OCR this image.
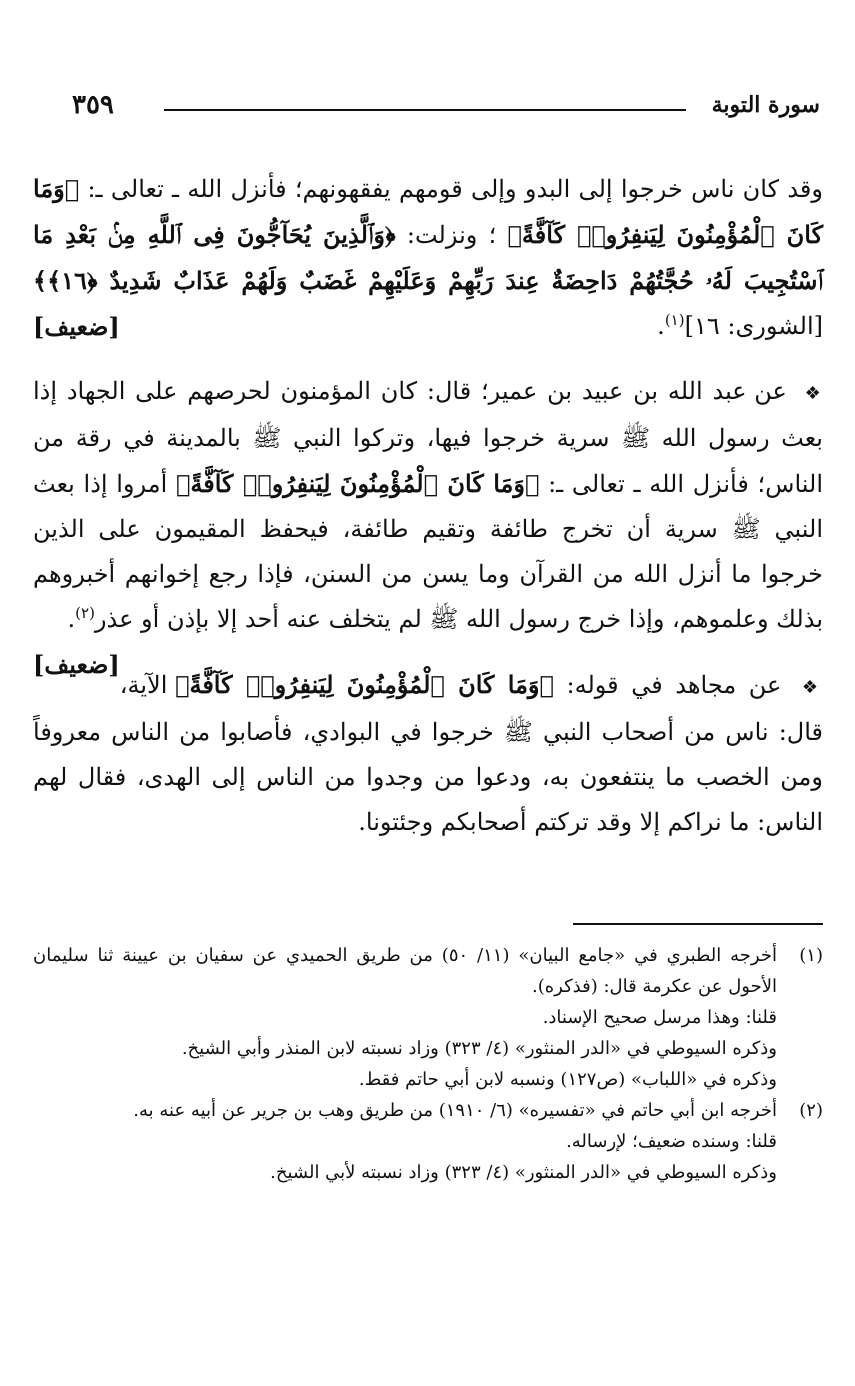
سورة التوبة
٣٥٩

وقد كان ناس خرجوا إلى البدو وإلى قومهم يفقهونهم؛ فأنزل الله ـ تعالى ـ: ﴿وَمَا كَانَ ٱلْمُؤْمِنُونَ لِيَنفِرُوا۟ كَآفَّةً﴾ ؛ ونزلت: ﴿وَٱلَّذِينَ يُحَآجُّونَ فِى ٱللَّهِ مِنۢ بَعْدِ مَا ٱسْتُجِيبَ لَهُۥ حُجَّتُهُمْ دَاحِضَةٌ عِندَ رَبِّهِمْ وَعَلَيْهِمْ غَضَبٌ وَلَهُمْ عَذَابٌ شَدِيدٌ ﴿١٦﴾﴾ [الشورى: ١٦]$^{(١)}$.
[ضعيف]

❖ عن عبد الله بن عبيد بن عمير؛ قال: كان المؤمنون لحرصهم على الجهاد إذا بعث رسول الله ﷺ سرية خرجوا فيها، وتركوا النبي ﷺ بالمدينة في رقة من الناس؛ فأنزل الله ـ تعالى ـ: ﴿وَمَا كَانَ ٱلْمُؤْمِنُونَ لِيَنفِرُوا۟ كَآفَّةً﴾ أمروا إذا بعث النبي ﷺ سرية أن تخرج طائفة وتقيم طائفة، فيحفظ المقيمون على الذين خرجوا ما أنزل الله من القرآن وما يسن من السنن، فإذا رجع إخوانهم أخبروهم بذلك وعلموهم، وإذا خرج رسول الله ﷺ لم يتخلف عنه أحد إلا بإذن أو عذر$^{(٢)}$.
[ضعيف]

❖ عن مجاهد في قوله: ﴿وَمَا كَانَ ٱلْمُؤْمِنُونَ لِيَنفِرُوا۟ كَآفَّةً﴾ الآية، قال: ناس من أصحاب النبي ﷺ خرجوا في البوادي، فأصابوا من الناس معروفاً ومن الخصب ما ينتفعون به، ودعوا من وجدوا من الناس إلى الهدى، فقال لهم الناس: ما نراكم إلا وقد تركتم أصحابكم وجئتونا.

(١)
أخرجه الطبري في «جامع البيان» (١١/ ٥٠) من طريق الحميدي عن سفيان بن عيينة ثنا سليمان الأحول عن عكرمة قال: (فذكره).
قلنا: وهذا مرسل صحيح الإسناد.
وذكره السيوطي في «الدر المنثور» (٤/ ٣٢٣) وزاد نسبته لابن المنذر وأبي الشيخ.
وذكره في «اللباب» (ص١٢٧) ونسبه لابن أبي حاتم فقط.
(٢)
أخرجه ابن أبي حاتم في «تفسيره» (٦/ ١٩١٠) من طريق وهب بن جرير عن أبيه عنه به.
قلنا: وسنده ضعيف؛ لإرساله.
وذكره السيوطي في «الدر المنثور» (٤/ ٣٢٣) وزاد نسبته لأبي الشيخ.
